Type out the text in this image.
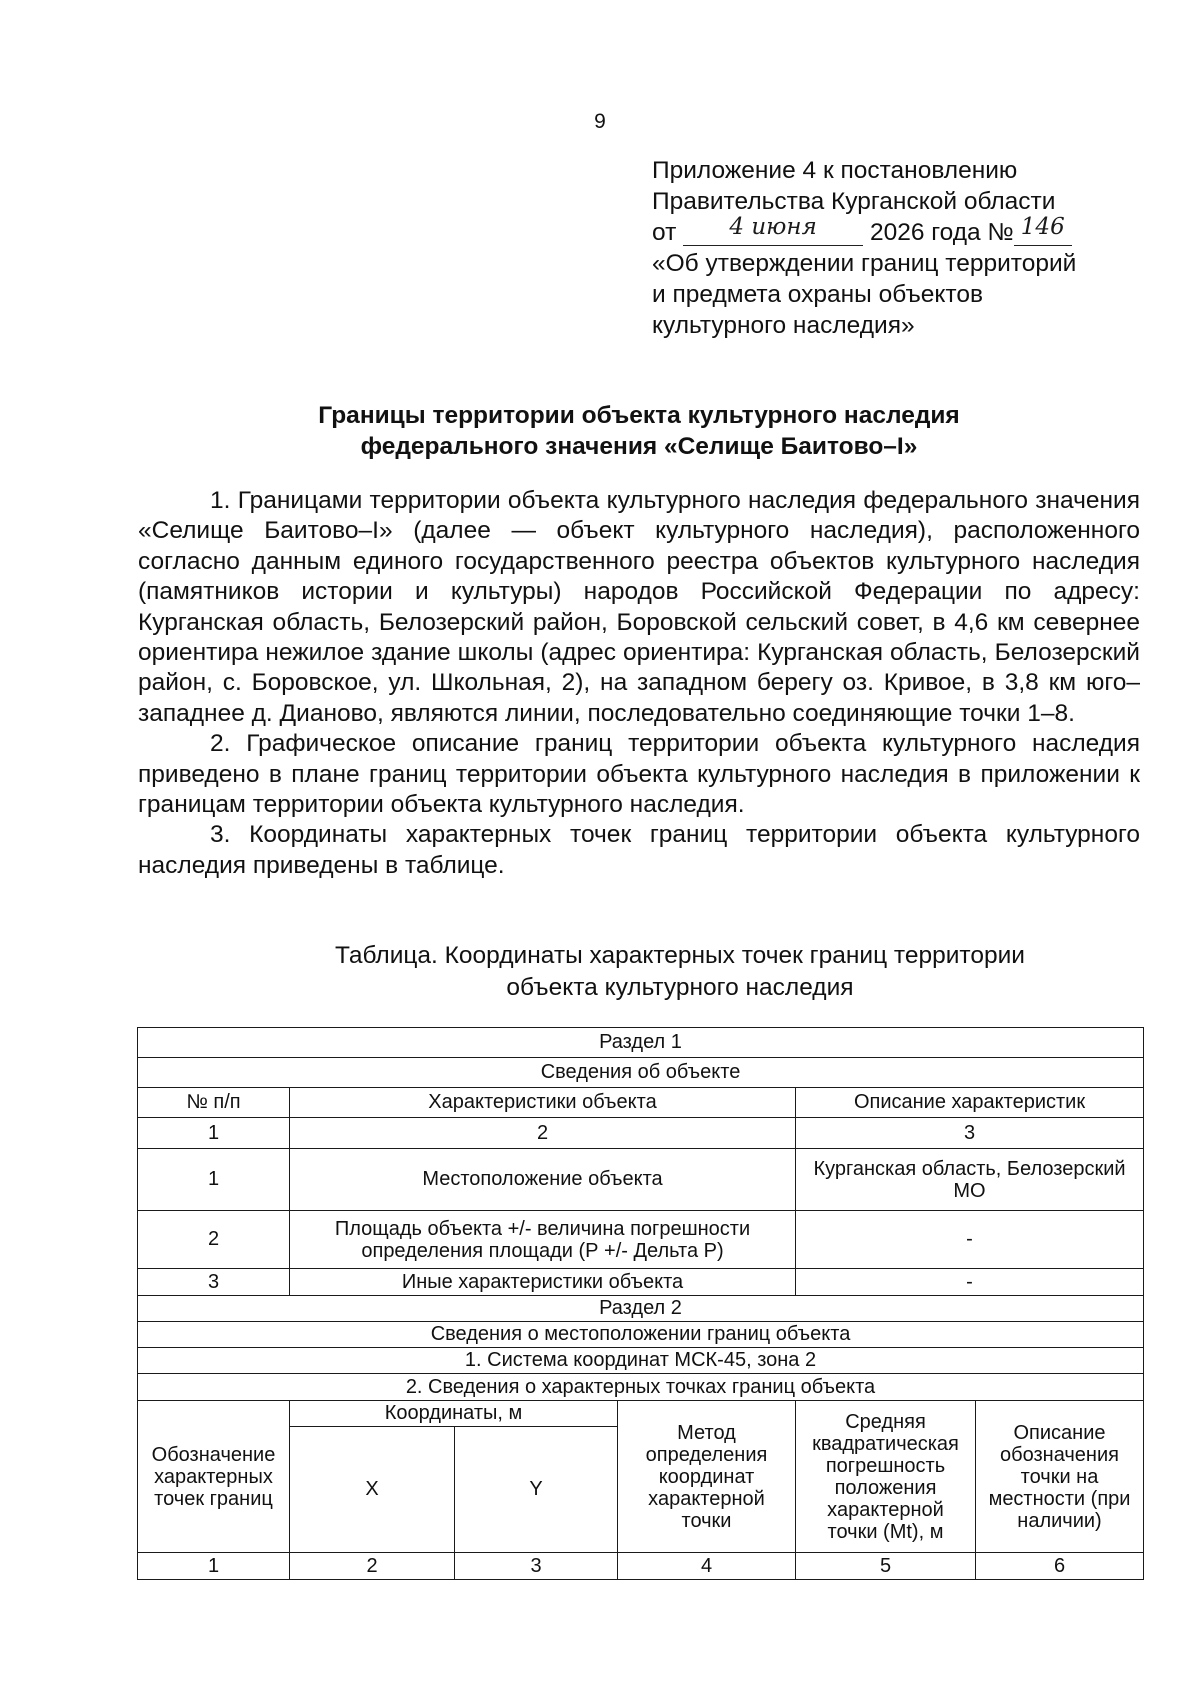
9
Приложение 4 к постановлению
Правительства Курганской области
от 4 июня 2026 года № 146
«Об утверждении границ территорий
и предмета охраны объектов
культурного наследия»
Границы территории объекта культурного наследия
федерального значения «Селище Баитово–I»

1. Границами территории объекта культурного наследия федерального значения «Селище Баитово–I» (далее — объект культурного наследия), расположенного согласно данным единого государственного реестра объектов культурного наследия (памятников истории и культуры) народов Российской Федерации по адресу: Курганская область, Белозерский район, Боровской сельский совет, в 4,6 км севернее ориентира нежилое здание школы (адрес ориентира: Курганская область, Белозерский район, с. Боровское, ул. Школьная, 2), на западном берегу оз. Кривое, в 3,8 км юго–западнее д. Дианово, являются линии, последовательно соединяющие точки 1–8.

2. Графическое описание границ территории объекта культурного наследия приведено в плане границ территории объекта культурного наследия в приложении к границам территории объекта культурного наследия.

3. Координаты характерных точек границ территории объекта культурного наследия приведены в таблице.

Таблица. Координаты характерных точек границ территории
объекта культурного наследия
Раздел 1					
Сведения об объекте					
№ п/п	Характеристики объекта			Описание характеристик	
1	2			3	
1	Местоположение объекта			Курганская область, Белозерский МО	
2	Площадь объекта +/- величина погрешности определения площади (Р +/- Дельта Р)			-	
3	Иные характеристики объекта			-	
Раздел 2					
Сведения о местоположении границ объекта					
1. Система координат МСК-45, зона 2					
2. Сведения о характерных точках границ объекта					
Обозначение характерных точек границ	Координаты, м		Метод определения координат характерной точки	Средняя квадратическая погрешность положения характерной точки (Mt), м	Описание обозначения точки на местности (при наличии)
	X	Y			
1	2	3	4	5	6
